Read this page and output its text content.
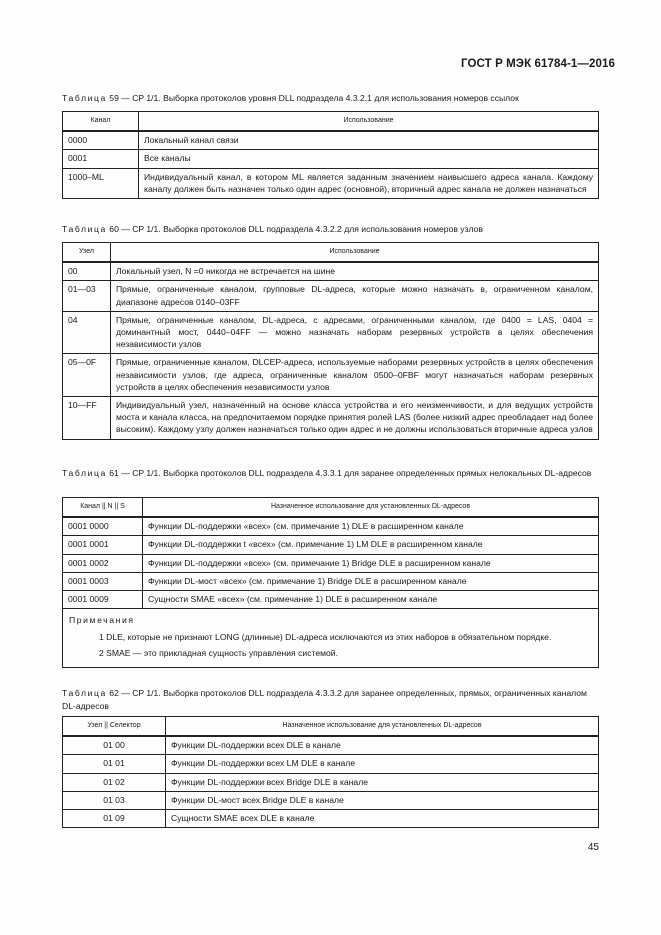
ГОСТ Р МЭК 61784-1—2016
Таблица 59 — CP 1/1. Выборка протоколов уровня DLL подраздела 4.3.2.1 для использования номеров ссылок
Канал	Использование
0000	Локальный канал связи
0001	Все каналы
1000–ML	Индивидуальный канал, в котором ML является заданным значением наивысшего адреса канала. Каждому каналу должен быть назначен только один адрес (основной), вторичный адрес канала не должен назначаться
Таблица 60 — CP 1/1. Выборка протоколов DLL подраздела 4.3.2.2 для использования номеров узлов
Узел	Использование
00	Локальный узел, N =0 никогда не встречается на шине
01—03	Прямые, ограниченные каналом, групповые DL-адреса, которые можно назначать в, ограниченном каналом, диапазоне адресов 0140–03FF
04	Прямые, ограниченные каналом, DL-адреса, с адресами, ограниченными каналом, где 0400 = LAS, 0404 = доминантный мост, 0440–04FF — можно назначать наборам резервных устройств в целях обеспечения независимости узлов
05—0F	Прямые, ограниченные каналом, DLCEP-адреса, используемые наборами резервных устройств в целях обеспечения независимости узлов, где адреса, ограниченные каналом 0500–0FBF могут назначаться наборам резервных устройств в целях обеспечения независимости узлов
10—FF	Индивидуальный узел, назначенный на основе класса устройства и его неизменчивости, и для ведущих устройств моста и канала класса, на предпочитаемом порядке принятия ролей LAS (более низкий адрес преобладает над более высоким). Каждому узлу должен назначаться только один адрес и не должны использоваться вторичные адреса узлов
Таблица 61 — CP 1/1. Выборка протоколов DLL подраздела 4.3.3.1 для заранее определенных прямых нелокальных DL-адресов
Канал || N || S	Назначенное использование для установленных DL-адресов
0001 0000	Функции DL-поддержки «всех» (см. примечание 1) DLE в расширенном канале
0001 0001	Функции DL-поддержки t «всех» (см. примечание 1) LM DLE в расширенном канале
0001 0002	Функции DL-поддержки «всех» (см. примечание 1) Bridge DLE в расширенном канале
0001 0003	Функции DL-мост «всех» (см. примечание 1) Bridge DLE в расширенном канале
0001 0009	Сущности SMAE «всех» (см. примечание 1) DLE в расширенном канале

Примечания
1 DLE, которые не признают LONG (длинные) DL-адреса исключаются из этих наборов в обязательном порядке.
2 SMAE — это прикладная сущность управления системой.	
Таблица 62 — CP 1/1. Выборка протоколов DLL подраздела 4.3.3.2 для заранее определенных, прямых, ограниченных каналом DL-адресов
Узел || Селектор	Назначенное использование для установленных DL-адресов
01 00	Функции DL-поддержки всех DLE в канале
01 01	Функции DL-поддержки всех LM DLE в канале
01 02	Функции DL-поддержки всех Bridge DLE в канале
01 03	Функции DL-мост всех Bridge DLE в канале
01 09	Сущности SMAE всех DLE в канале
45
